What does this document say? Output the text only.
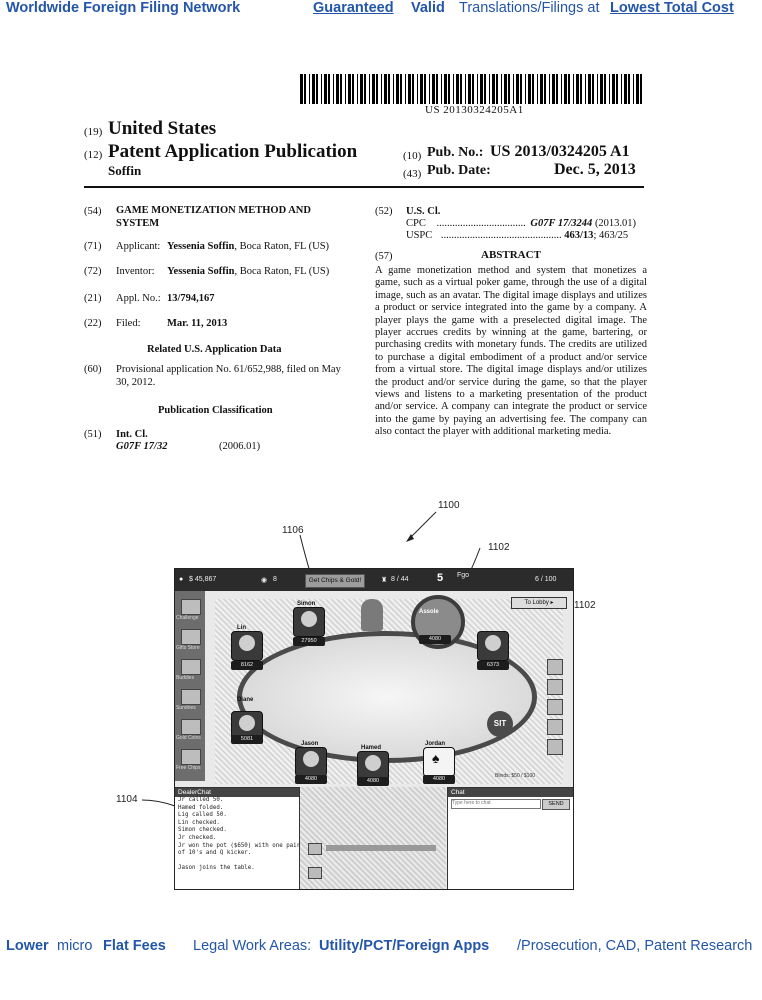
Worldwide Foreign Filing Network	Guaranteed Valid Translations/Filings at Lowest Total Cost
US 20130324205A1
(19) United States
(12) Patent Application Publication
Soffin
(10) Pub. No.: US 2013/0324205 A1
(43) Pub. Date:	Dec. 5, 2013
(54) GAME MONETIZATION METHOD AND
SYSTEM
(71) Applicant: Yessenia Soffin, Boca Raton, FL (US)
(72) Inventor: Yessenia Soffin, Boca Raton, FL (US)
(21) Appl. No.: 13/794,167
(22) Filed:	Mar. 11, 2013
Related U.S. Application Data
(60) Provisional application No. 61/652,988, filed on May
30, 2012.
Publication Classification
(51) Int. Cl.
G07F 17/32	(2006.01)
(52) U.S. Cl.
CPC .................................. G07F 17/3244 (2013.01)
USPC .............................................. 463/13; 463/25
(57)	ABSTRACT
A game monetization method and system that monetizes a game, such as a virtual poker game, through the use of a digital image, such as an avatar. The digital image displays and utilizes a product or service integrated into the game by a company. A player plays the game with a preselected digital image. The player accrues credits by winning at the game, bartering, or purchasing credits with monetary funds. The credits are utilized to purchase a digital embodiment of a product and/or service from a virtual store. The digital image displays and/or utilizes the product and/or service during the game, so that the player views and listens to a marketing presentation of the product and/or service. A company can integrate the product or service into the game by paying an advertising fee. The company can also contact the player with additional marketing media.
1100
1106
1102
1102
1104
● $ 45,867	◉ 8	Get Chips & Gold!	♜ 8 / 44	5 Fgo
6 / 100
Challenge
Gifts Store
Buddies
Sundries
Gold Coins
Free Chips
To Lobby ▸
Simon
27950
Lin
8162
Assole
4080
6373
Diane
5081
Jason
4080
Hamed
4080
♠
Jordan
4080
SIT
Blinds: $50 / $100
DealerChat
Jr called 50.
Hamed folded.
Lig called 50.
Lin checked.
Simon checked.
Jr checked.
Jr won the pot ($650) with one pair
of 10's and Q kicker.

Jason joins the table.
Chat
Type here to chat	SEND
Lower micro Flat Fees Legal Work Areas: Utility/PCT/Foreign Apps /Prosecution, CAD, Patent Research
